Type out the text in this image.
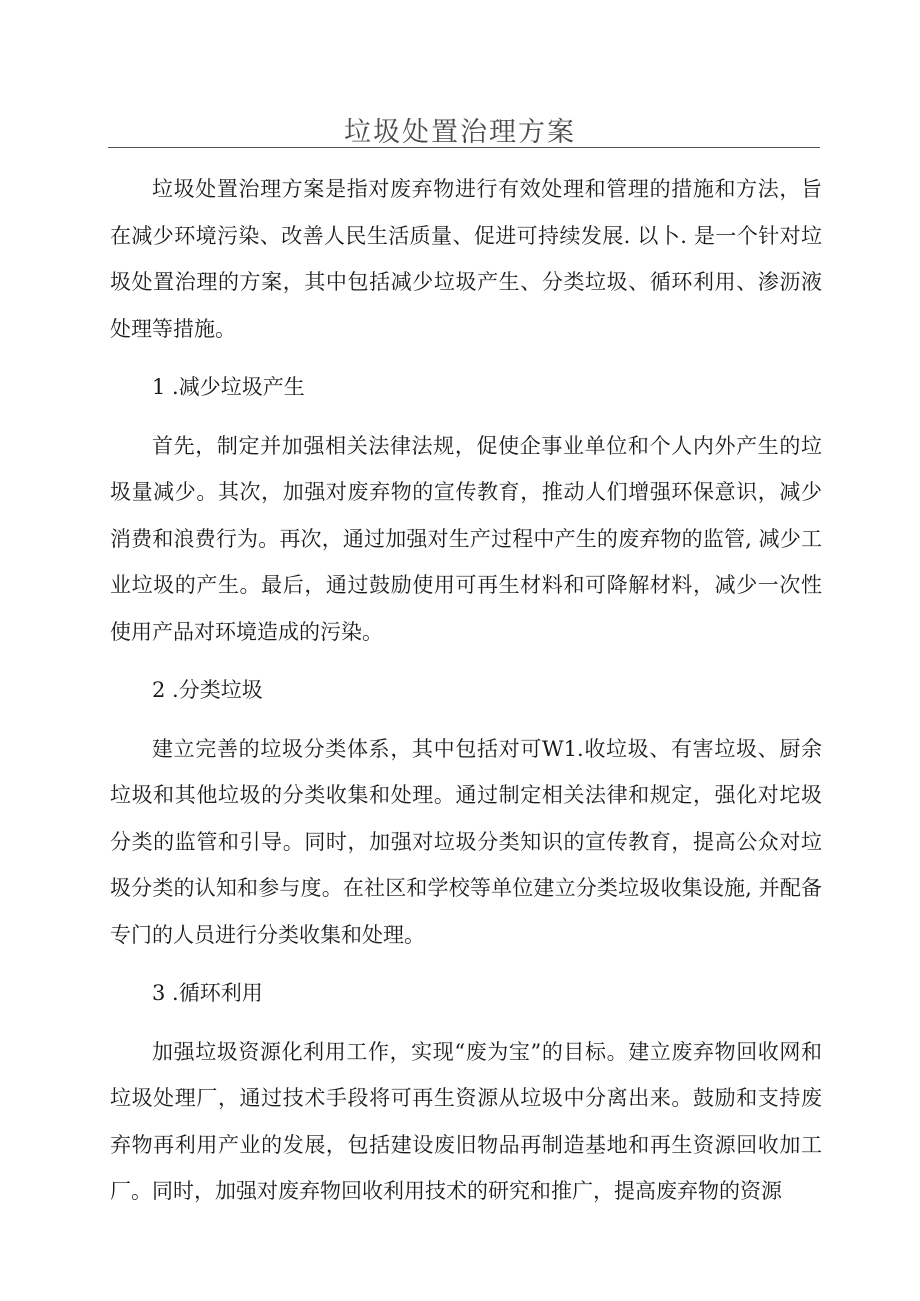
垃圾处置治理方案

垃圾处置治理方案是指对废弃物进行有效处理和管理的措施和方法，旨在减少环境污染、改善人民生活质量、促进可持续发展. 以卜. 是一个针对垃圾处置治理的方案，其中包括减少垃圾产生、分类垃圾、循环利用、渗沥液处理等措施。

1 .减少垃圾产生

首先，制定并加强相关法律法规，促使企事业单位和个人内外产生的垃圾量减少。其次，加强对废弃物的宣传教育，推动人们增强环保意识，减少消费和浪费行为。再次，通过加强对生产过程中产生的废弃物的监管, 减少工业垃圾的产生。最后，通过鼓励使用可再生材料和可降解材料，减少一次性使用产品对环境造成的污染。

2 .分类垃圾

建立完善的垃圾分类体系，其中包括对可W1.收垃圾、有害垃圾、厨余垃圾和其他垃圾的分类收集和处理。通过制定相关法律和规定，强化对坨圾分类的监管和引导。同时，加强对垃圾分类知识的宣传教育，提高公众对垃圾分类的认知和参与度。在社区和学校等单位建立分类垃圾收集设施, 并配备专门的人员进行分类收集和处理。

3 .循环利用

加强垃圾资源化利用工作，实现“废为宝”的目标。建立废弃物回收网和垃圾处理厂，通过技术手段将可再生资源从垃圾中分离出来。鼓励和支持废弃物再利用产业的发展，包括建设废旧物品再制造基地和再生资源回收加工厂。同时，加强对废弃物回收利用技术的研究和推广，提高废弃物的资源
